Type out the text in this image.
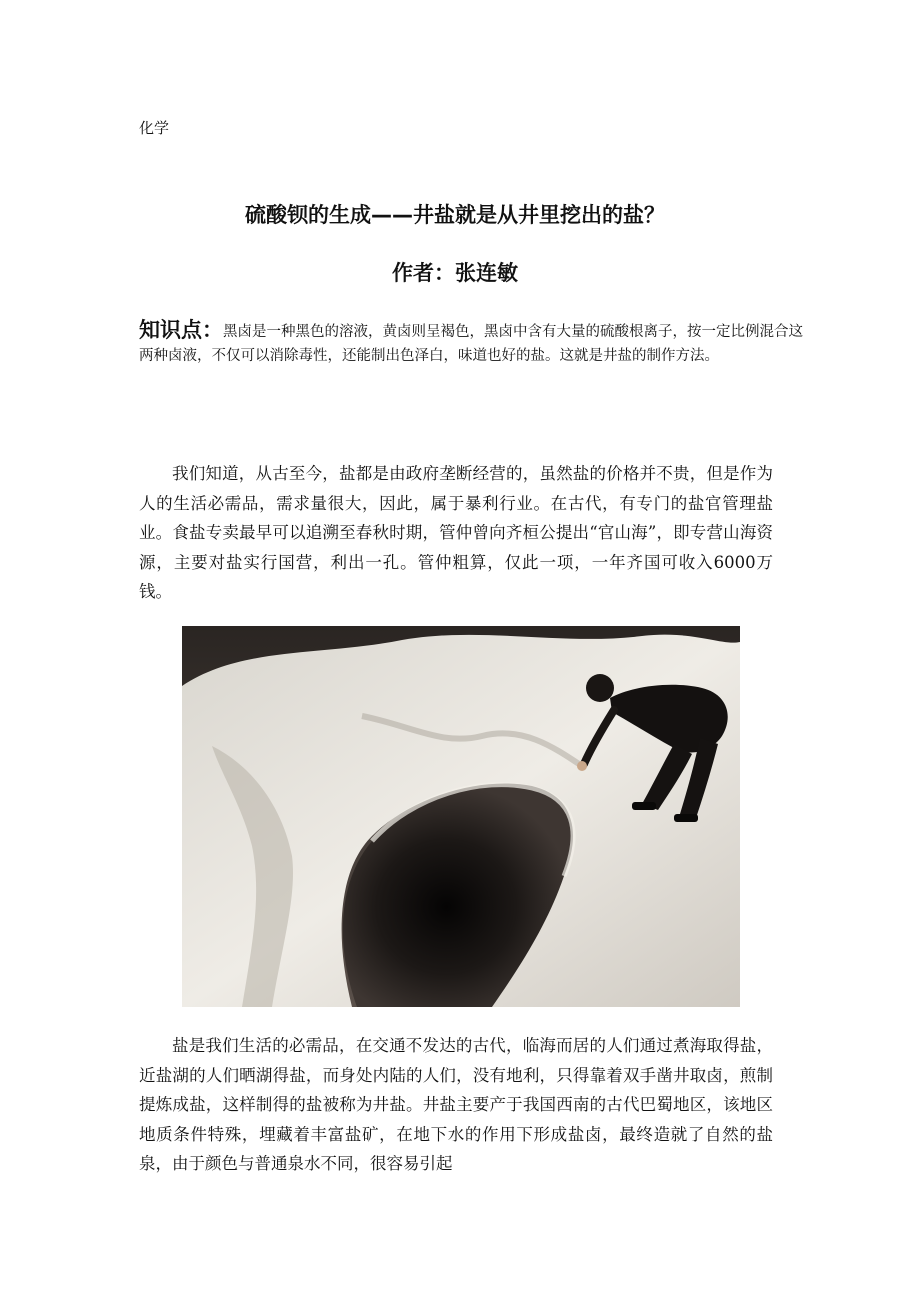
化学
硫酸钡的生成——井盐就是从井里挖出的盐？
作者：张连敏
知识点：黑卤是一种黑色的溶液，黄卤则呈褐色，黑卤中含有大量的硫酸根离子，按一定比例混合这两种卤液，不仅可以消除毒性，还能制出色泽白，味道也好的盐。这就是井盐的制作方法。
我们知道，从古至今，盐都是由政府垄断经营的，虽然盐的价格并不贵，但是作为人的生活必需品，需求量很大，因此，属于暴利行业。在古代，有专门的盐官管理盐业。食盐专卖最早可以追溯至春秋时期，管仲曾向齐桓公提出“官山海”，即专营山海资源，主要对盐实行国营，利出一孔。管仲粗算，仅此一项，一年齐国可收入6000万钱。
盐是我们生活的必需品，在交通不发达的古代，临海而居的人们通过煮海取得盐，近盐湖的人们晒湖得盐，而身处内陆的人们，没有地利，只得靠着双手凿井取卤，煎制提炼成盐，这样制得的盐被称为井盐。井盐主要产于我国西南的古代巴蜀地区，该地区地质条件特殊，埋藏着丰富盐矿，在地下水的作用下形成盐卤，最终造就了自然的盐泉，由于颜色与普通泉水不同，很容易引起
